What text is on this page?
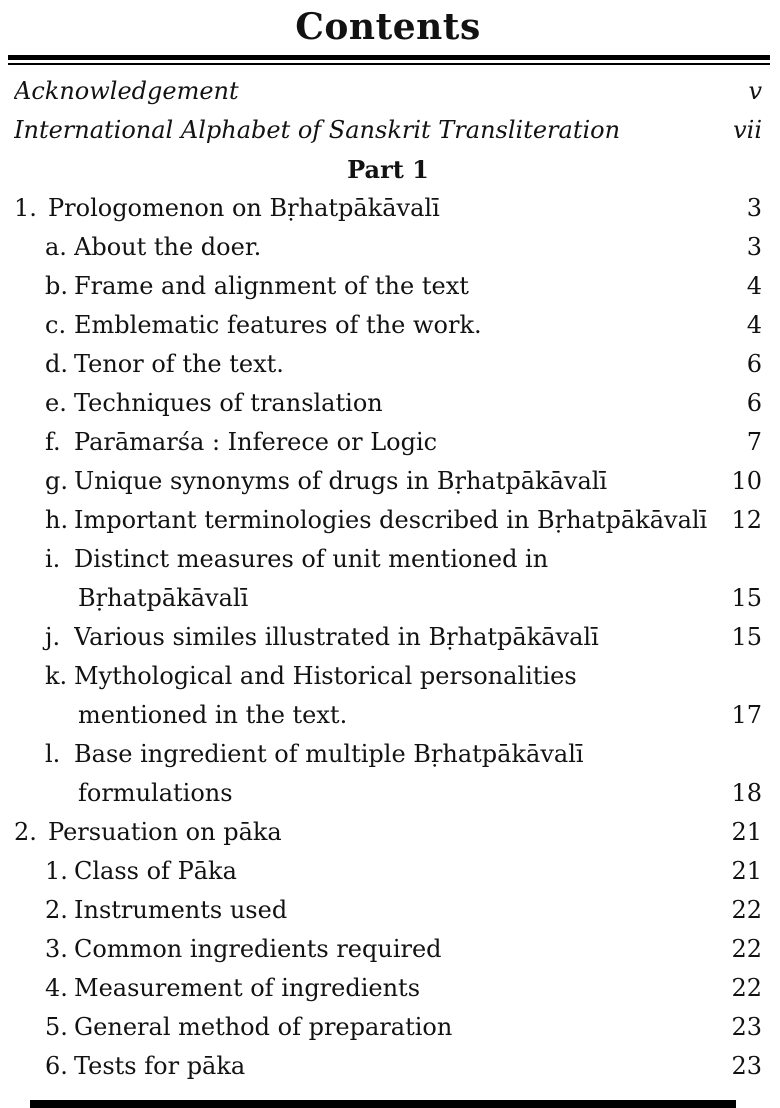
Contents
Acknowledgement	v
International Alphabet of Sanskrit Transliteration	vii
Part 1
1. Prologomenon on Bṛhatpākāvalī	3
a. About the doer.	3
b. Frame and alignment of the text	4
c. Emblematic features of the work.	4
d. Tenor of the text.	6
e. Techniques of translation	6
f. Parāmarśa : Inferece or Logic	7
g. Unique synonyms of drugs in Bṛhatpākāvalī	10
h. Important terminologies described in Bṛhatpākāvalī	12
i. Distinct measures of unit mentioned in
Bṛhatpākāvalī	15
j. Various similes illustrated in Bṛhatpākāvalī	15
k. Mythological and Historical personalities
mentioned in the text.	17
l. Base ingredient of multiple Bṛhatpākāvalī
formulations	18
2. Persuation on pāka	21
1. Class of Pāka	21
2. Instruments used	22
3. Common ingredients required	22
4. Measurement of ingredients	22
5. General method of preparation	23
6. Tests for pāka	23
